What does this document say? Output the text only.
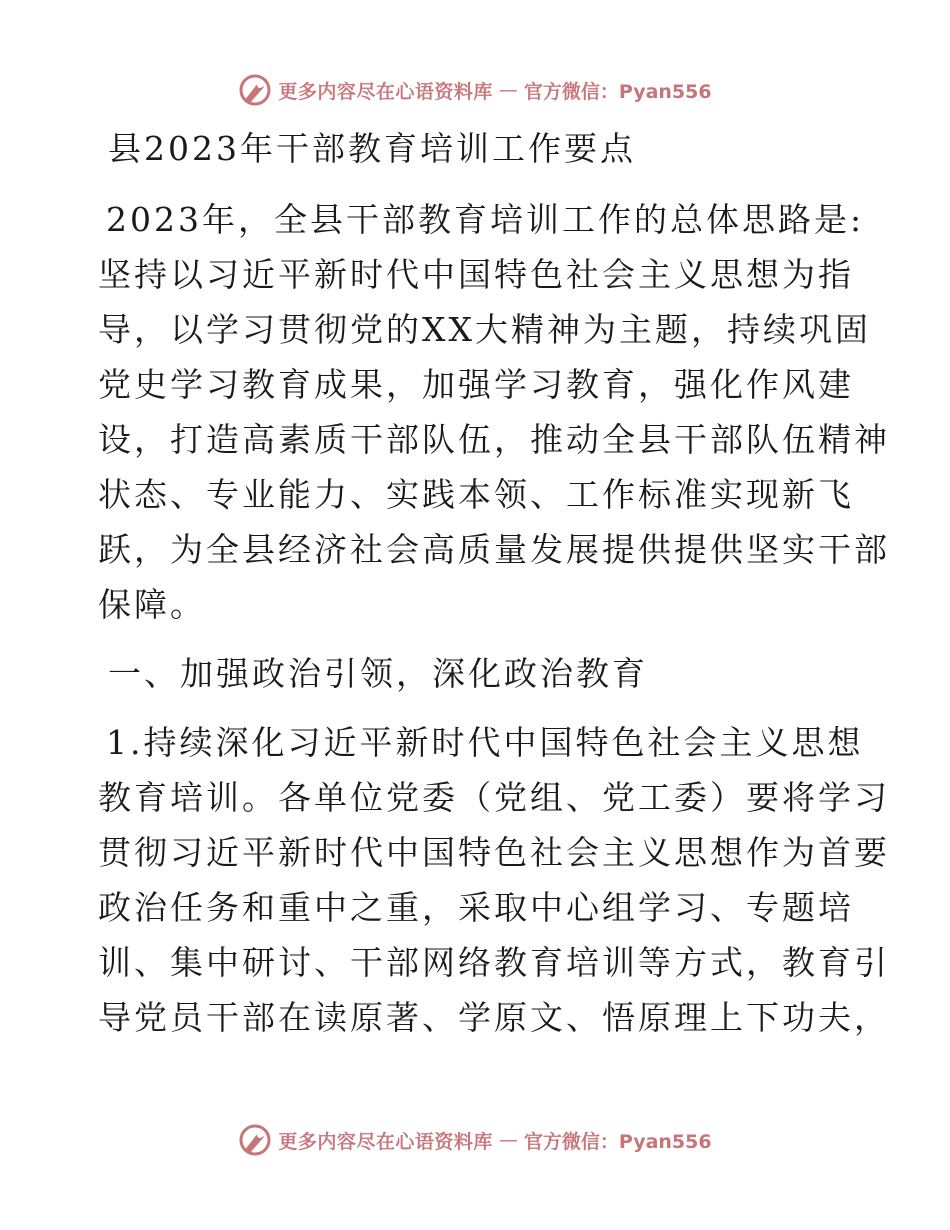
更多内容尽在心语资料库 — 官方微信：Pyan556

县2023年干部教育培训工作要点

2023年，全县干部教育培训工作的总体思路是:

坚持以习近平新时代中国特色社会主义思想为指

导，以学习贯彻党的XX大精神为主题，持续巩固

党史学习教育成果，加强学习教育，强化作风建

设，打造高素质干部队伍，推动全县干部队伍精神

状态、专业能力、实践本领、工作标准实现新飞

跃，为全县经济社会高质量发展提供提供坚实干部

保障。

一、加强政治引领，深化政治教育

1.持续深化习近平新时代中国特色社会主义思想

教育培训。各单位党委（党组、党工委）要将学习

贯彻习近平新时代中国特色社会主义思想作为首要

政治任务和重中之重，采取中心组学习、专题培

训、集中研讨、干部网络教育培训等方式，教育引

导党员干部在读原著、学原文、悟原理上下功夫，

更多内容尽在心语资料库 — 官方微信：Pyan556
